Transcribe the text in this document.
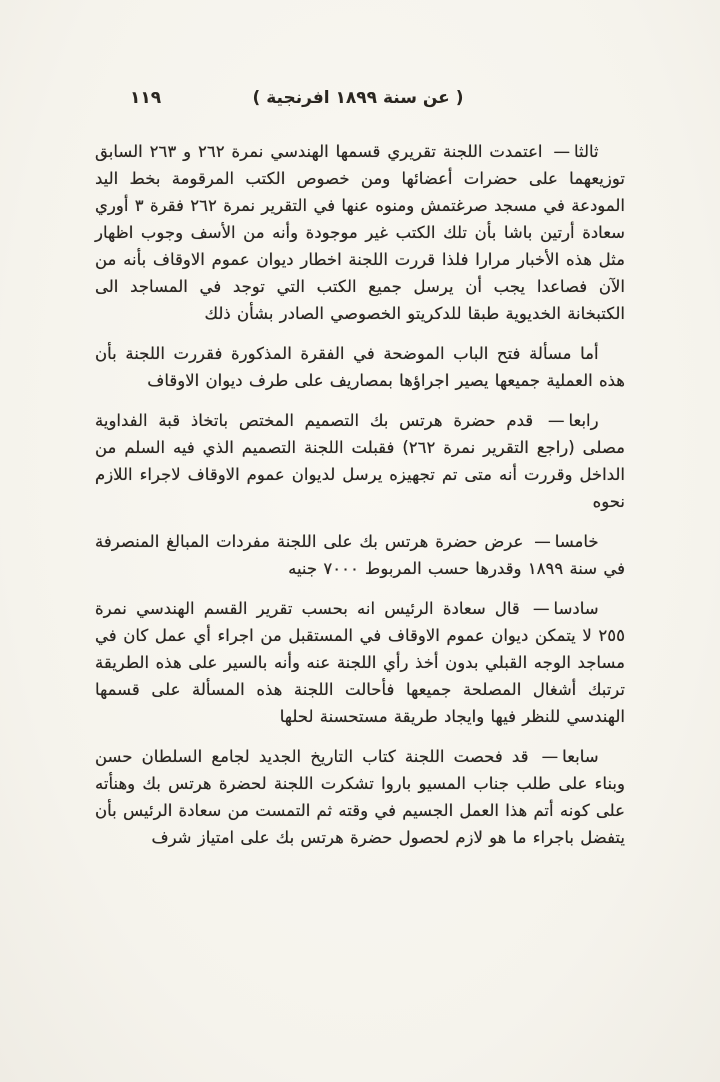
١١٩	( عن سنة ١٨٩٩ افرنجية )

ثالثا— اعتمدت اللجنة تقريري قسمها الهندسي نمرة ٢٦٢ و ٢٦٣ السابق توزيعهما على حضرات أعضائها ومن خصوص الكتب المرقومة بخط اليد المودعة في مسجد صرغتمش ومنوه عنها في التقرير نمرة ٢٦٢ فقرة ٣ أوري سعادة أرتين باشا بأن تلك الكتب غير موجودة وأنه من الأسف وجوب اظهار مثل هذه الأخبار مرارا فلذا قررت اللجنة اخطار ديوان عموم الاوقاف بأنه من الآن فصاعدا يجب أن يرسل جميع الكتب التي توجد في المساجد الى الكتبخانة الخديوية طبقا للدكريتو الخصوصي الصادر بشأن ذلك

أما مسألة فتح الباب الموضحة في الفقرة المذكورة فقررت اللجنة بأن هذه العملية جميعها يصير اجراؤها بمصاريف على طرف ديوان الاوقاف

رابعا— قدم حضرة هرتس بك التصميم المختص باتخاذ قبة الفداوية مصلى (راجع التقرير نمرة ٢٦٢) فقبلت اللجنة التصميم الذي فيه السلم من الداخل وقررت أنه متى تم تجهيزه يرسل لديوان عموم الاوقاف لاجراء اللازم نحوه

خامسا— عرض حضرة هرتس بك على اللجنة مفردات المبالغ المنصرفة في سنة ١٨٩٩ وقدرها حسب المربوط ٧٠٠٠ جنيه

سادسا— قال سعادة الرئيس انه بحسب تقرير القسم الهندسي نمرة ٢٥٥ لا يتمكن ديوان عموم الاوقاف في المستقبل من اجراء أي عمل كان في مساجد الوجه القبلي بدون أخذ رأي اللجنة عنه وأنه بالسير على هذه الطريقة ترتبك أشغال المصلحة جميعها فأحالت اللجنة هذه المسألة على قسمها الهندسي للنظر فيها وايجاد طريقة مستحسنة لحلها

سابعا— قد فحصت اللجنة كتاب التاريخ الجديد لجامع السلطان حسن وبناء على طلب جناب المسيو باروا تشكرت اللجنة لحضرة هرتس بك وهنأته على كونه أتم هذا العمل الجسيم في وقته ثم التمست من سعادة الرئيس بأن يتفضل باجراء ما هو لازم لحصول حضرة هرتس بك على امتياز شرف
